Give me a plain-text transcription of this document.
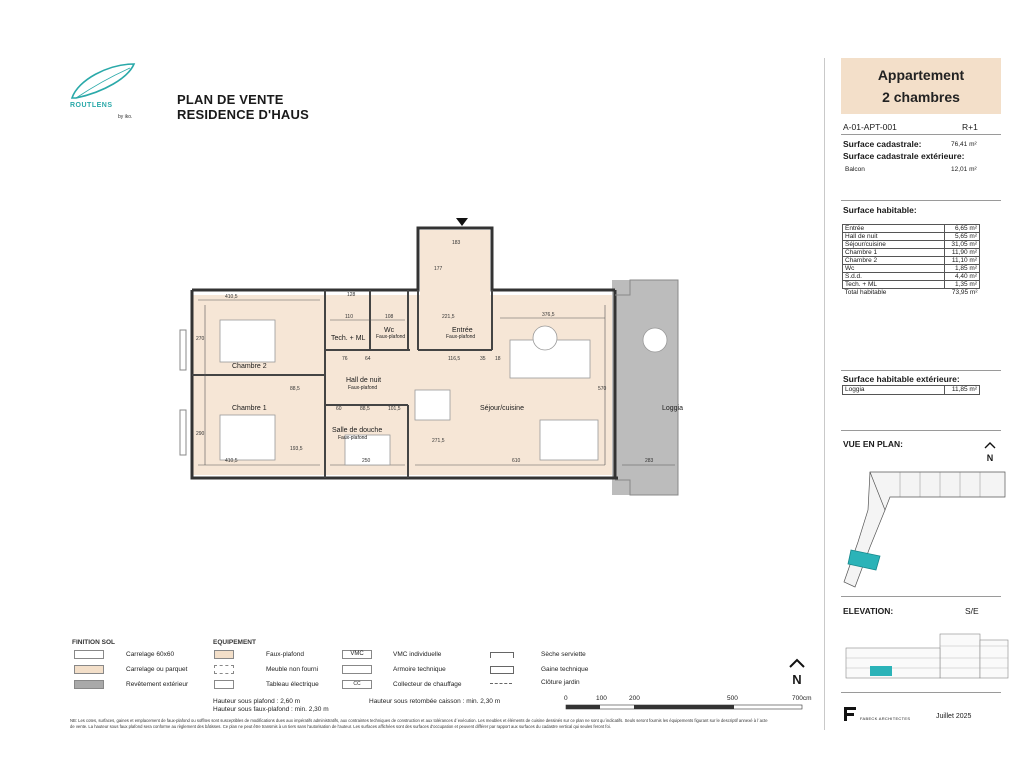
ROUTLENS
by iko.
PLAN DE VENTE
RESIDENCE D'HAUS
Chambre 2
Chambre 1
Hall de nuit
Faux-plafond
Tech. + ML
Wc
Faux-plafond
Entrée
Faux-plafond
Séjour/cuisine
Salle de douche
Faux-plafond
Loggia
410,5
410,5
128
110	108	221,5	376,5
183
177
270
290
88,5
250	610	283
116,5
101,5
88,5
271,5
570
35 18
193,5
76	64
60
Appartement
2 chambres
A-01-APT-001	R+1
Surface cadastrale:	76,41 m²
Surface cadastrale extérieure:
Balcon	12,01 m²
Surface habitable:
Entrée	6,65 m²
Hall de nuit	5,65 m²
Séjour/cuisine	31,05 m²
Chambre 1	11,90 m²
Chambre 2	11,10 m²
Wc	1,85 m²
S.d.d.	4,40 m²
Tech. + ML	1,35 m²
Total habitable	73,95 m²
Surface habitable extérieure:
Loggia	11,85 m²
VUE EN PLAN:
N
ELEVATION:	S/E
FABECK ARCHITECTES	Juillet 2025
FINITION SOL
Carrelage 60x60
Carrelage ou parquet
Revêtement extérieur
EQUIPEMENT
Faux-plafond
Meuble non fourni
Tableau électrique
VMC
CC
VMC individuelle
Armoire technique
Collecteur de chauffage
Sèche serviette
Gaine technique
Clôture jardin
Hauteur sous plafond : 2,60 m
Hauteur sous faux-plafond : min. 2,30 m
Hauteur sous retombée caisson : min. 2,30 m
N
0	100	200	500	700cm
NB: Les cotes, surfaces, gaines et emplacement de faux-plafond ou soffites sont susceptibles de modifications dues aux impératifs administratifs, aux contraintes techniques de construction et aux tolérances d´exécution. Les meubles et éléments de cuisine dessinés sur ce plan ne sont qu´indicatifs. Seuls seront fournis les équipements figurant sur le descriptif annexé à l´acte
de vente. La hauteur sous faux plafond sera conforme au règlement des bâtisses. Ce plan ne peut être transmis à un tiers sans l'autorisation de l'auteur. Les surfaces affichées sont des surfaces d'occupation et peuvent différer par rapport aux surfaces du cadastre vertical qui seules feront foi.
